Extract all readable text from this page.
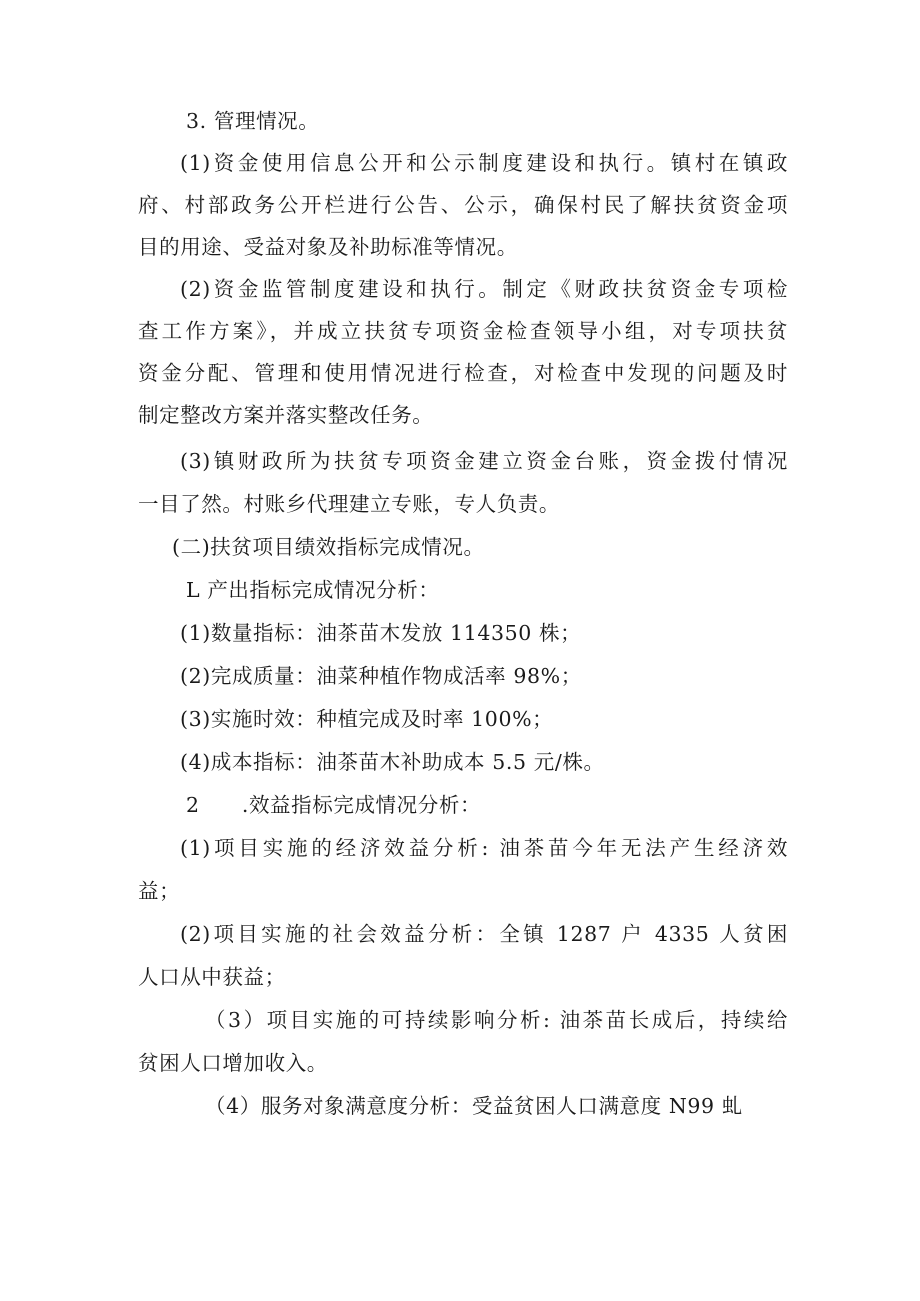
3. 管理情况。
(1)资金使用信息公开和公示制度建设和执行。镇村在镇政
府、村部政务公开栏进行公告、公示，确保村民了解扶贫资金项
目的用途、受益对象及补助标准等情况。
(2)资金监管制度建设和执行。制定《财政扶贫资金专项检
查工作方案》，并成立扶贫专项资金检查领导小组，对专项扶贫
资金分配、管理和使用情况进行检查，对检查中发现的问题及时
制定整改方案并落实整改任务。
(3)镇财政所为扶贫专项资金建立资金台账，资金拨付情况
一目了然。村账乡代理建立专账，专人负责。
(二)扶贫项目绩效指标完成情况。
L 产出指标完成情况分析：
(1)数量指标：油茶苗木发放 114350 株；
(2)完成质量：油菜种植作物成活率 98%；
(3)实施时效：种植完成及时率 100%；
(4)成本指标：油茶苗木补助成本 5.5 元/株。
2　　.效益指标完成情况分析：
(1)项目实施的经济效益分析: 油茶苗今年无法产生经济效
益；
(2)项目实施的社会效益分析：全镇 1287 户 4335 人贫困
人口从中获益；
（3）项目实施的可持续影响分析: 油茶苗长成后，持续给
贫困人口增加收入。
（4）服务对象满意度分析：受益贫困人口满意度 N99 虬
